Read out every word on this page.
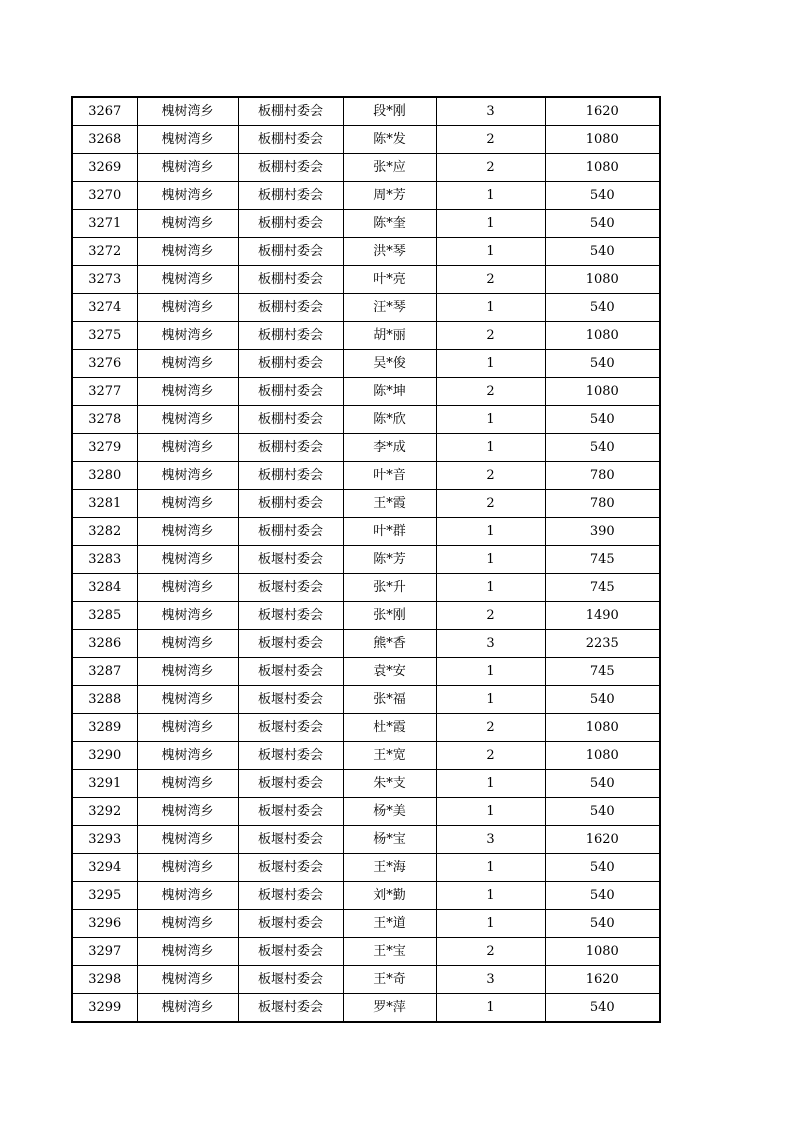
3267	槐树湾乡	板棚村委会	段*刚	3	1620
3268	槐树湾乡	板棚村委会	陈*发	2	1080
3269	槐树湾乡	板棚村委会	张*应	2	1080
3270	槐树湾乡	板棚村委会	周*芳	1	540
3271	槐树湾乡	板棚村委会	陈*奎	1	540
3272	槐树湾乡	板棚村委会	洪*琴	1	540
3273	槐树湾乡	板棚村委会	叶*亮	2	1080
3274	槐树湾乡	板棚村委会	汪*琴	1	540
3275	槐树湾乡	板棚村委会	胡*丽	2	1080
3276	槐树湾乡	板棚村委会	吴*俊	1	540
3277	槐树湾乡	板棚村委会	陈*坤	2	1080
3278	槐树湾乡	板棚村委会	陈*欣	1	540
3279	槐树湾乡	板棚村委会	李*成	1	540
3280	槐树湾乡	板棚村委会	叶*音	2	780
3281	槐树湾乡	板棚村委会	王*霞	2	780
3282	槐树湾乡	板棚村委会	叶*群	1	390
3283	槐树湾乡	板堰村委会	陈*芳	1	745
3284	槐树湾乡	板堰村委会	张*升	1	745
3285	槐树湾乡	板堰村委会	张*刚	2	1490
3286	槐树湾乡	板堰村委会	熊*香	3	2235
3287	槐树湾乡	板堰村委会	袁*安	1	745
3288	槐树湾乡	板堰村委会	张*福	1	540
3289	槐树湾乡	板堰村委会	杜*霞	2	1080
3290	槐树湾乡	板堰村委会	王*宽	2	1080
3291	槐树湾乡	板堰村委会	朱*支	1	540
3292	槐树湾乡	板堰村委会	杨*美	1	540
3293	槐树湾乡	板堰村委会	杨*宝	3	1620
3294	槐树湾乡	板堰村委会	王*海	1	540
3295	槐树湾乡	板堰村委会	刘*勤	1	540
3296	槐树湾乡	板堰村委会	王*道	1	540
3297	槐树湾乡	板堰村委会	王*宝	2	1080
3298	槐树湾乡	板堰村委会	王*奇	3	1620
3299	槐树湾乡	板堰村委会	罗*萍	1	540
